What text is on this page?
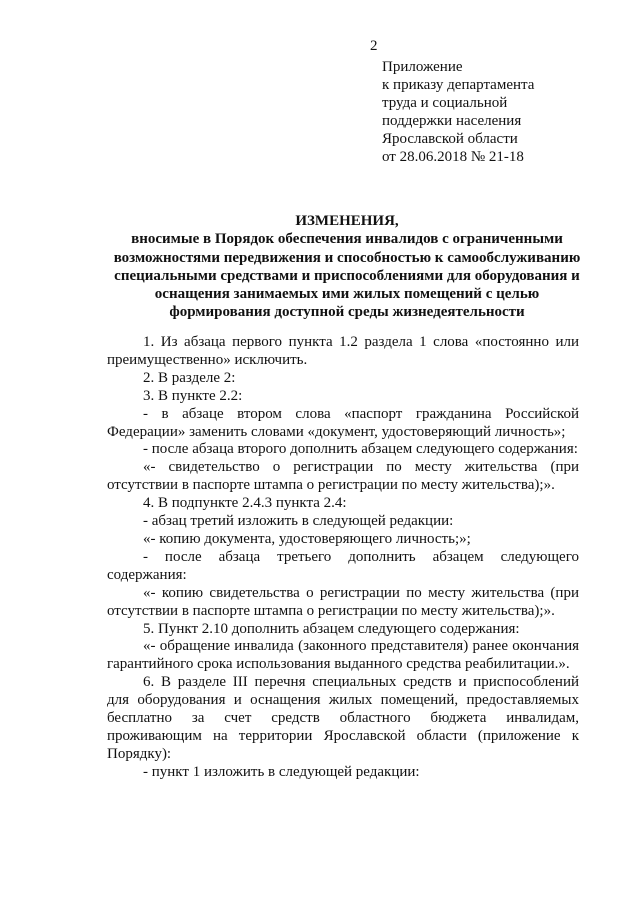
2
Приложение
к приказу департамента
труда и социальной
поддержки населения
Ярославской области
от 28.06.2018 № 21-18
ИЗМЕНЕНИЯ,
вносимые в Порядок обеспечения инвалидов с ограниченными
возможностями передвижения и способностью к самообслуживанию
специальными средствами и приспособлениями для оборудования и
оснащения занимаемых ими жилых помещений с целью
формирования доступной среды жизнедеятельности

1. Из абзаца первого пункта 1.2 раздела 1 слова «постоянно или преимущественно» исключить.

2. В разделе 2:

3. В пункте 2.2:

- в абзаце втором слова «паспорт гражданина Российской Федерации» заменить словами «документ, удостоверяющий личность»;

- после абзаца второго дополнить абзацем следующего содержания:

«- свидетельство о регистрации по месту жительства (при отсутствии в паспорте штампа о регистрации по месту жительства);».

4. В подпункте 2.4.3 пункта 2.4:

- абзац третий изложить в следующей редакции:

«- копию документа, удостоверяющего личность;»;

- после абзаца третьего дополнить абзацем следующего содержания:

«- копию свидетельства о регистрации по месту жительства (при отсутствии в паспорте штампа о регистрации по месту жительства);».

5. Пункт 2.10 дополнить абзацем следующего содержания:

«- обращение инвалида (законного представителя) ранее окончания гарантийного срока использования выданного средства реабилитации.».

6. В разделе III перечня специальных средств и приспособлений для оборудования и оснащения жилых помещений, предоставляемых бесплатно за счет средств областного бюджета инвалидам, проживающим на территории Ярославской области (приложение к Порядку):

- пункт 1 изложить в следующей редакции:
